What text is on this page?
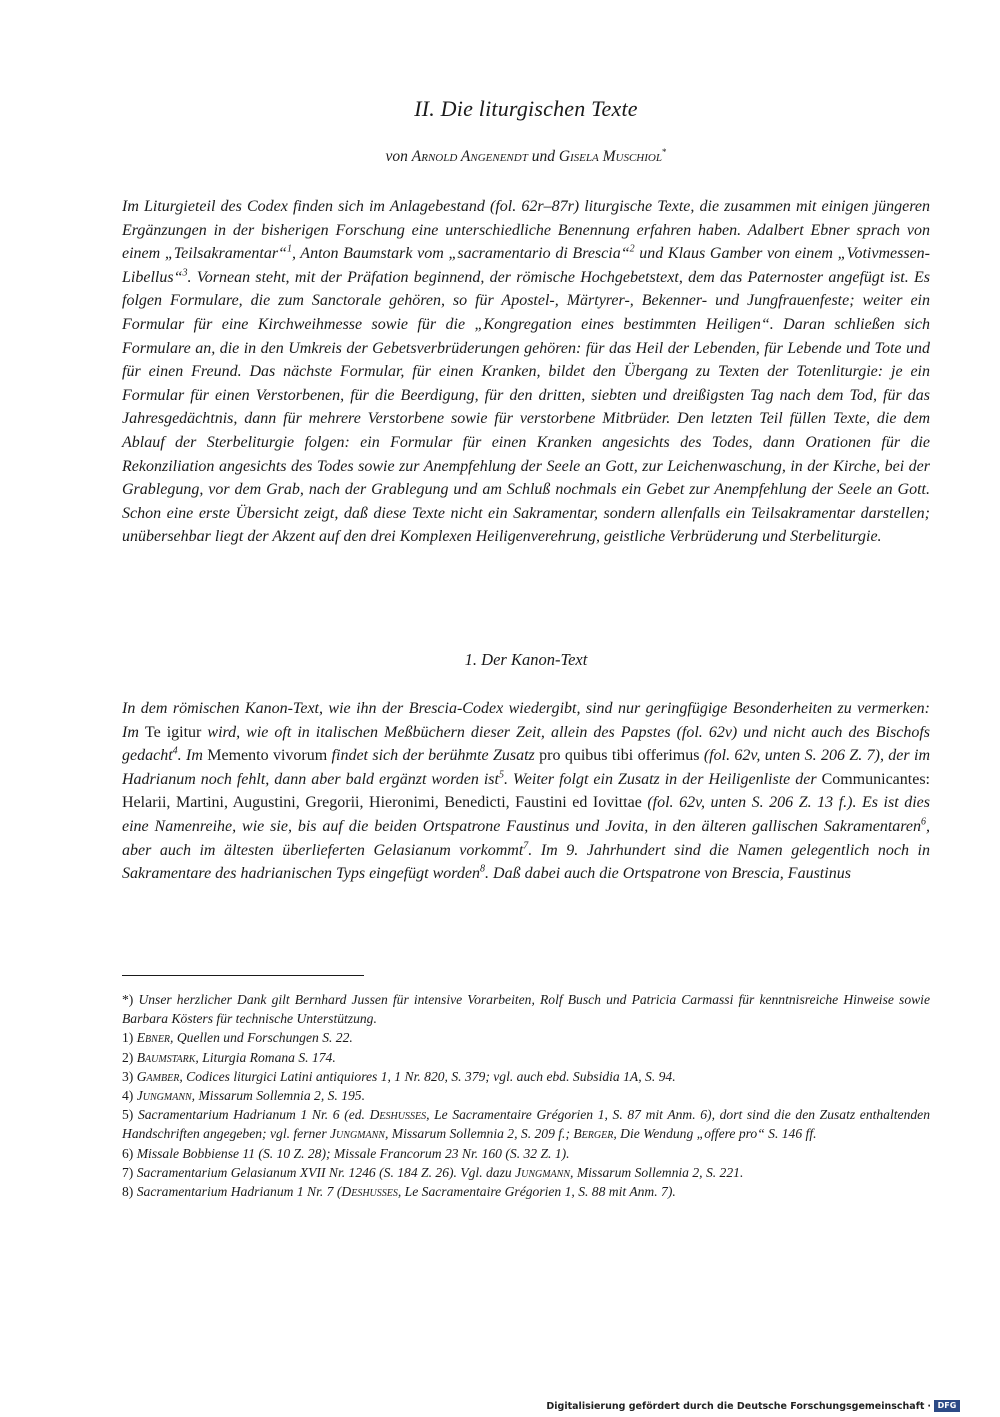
II. Die liturgischen Texte
von Arnold Angenendt und Gisela Muschiol*

Im Liturgieteil des Codex finden sich im Anlagebestand (fol. 62r–87r) liturgische Texte, die zusammen mit einigen jüngeren Ergänzungen in der bisherigen Forschung eine unterschiedliche Benennung erfahren haben. Adalbert Ebner sprach von einem „Teilsakramentar“$^1$, Anton Baumstark vom „sacramentario di Brescia“$^2$ und Klaus Gamber von einem „Votivmessen-Libellus“$^3$. Vornean steht, mit der Präfation beginnend, der römische Hochgebetstext, dem das Paternoster angefügt ist. Es folgen Formulare, die zum Sanctorale gehören, so für Apostel-, Märtyrer-, Bekenner- und Jungfrauenfeste; weiter ein Formular für eine Kirchweihmesse sowie für die „Kongregation eines bestimmten Heiligen“. Daran schließen sich Formulare an, die in den Umkreis der Gebetsverbrüderungen gehören: für das Heil der Lebenden, für Lebende und Tote und für einen Freund. Das nächste Formular, für einen Kranken, bildet den Übergang zu Texten der Totenliturgie: je ein Formular für einen Verstorbenen, für die Beerdigung, für den dritten, siebten und dreißigsten Tag nach dem Tod, für das Jahresgedächtnis, dann für mehrere Verstorbene sowie für verstorbene Mitbrüder. Den letzten Teil füllen Texte, die dem Ablauf der Sterbeliturgie folgen: ein Formular für einen Kranken angesichts des Todes, dann Orationen für die Rekonziliation angesichts des Todes sowie zur Anempfehlung der Seele an Gott, zur Leichenwaschung, in der Kirche, bei der Grablegung, vor dem Grab, nach der Grablegung und am Schluß nochmals ein Gebet zur Anempfehlung der Seele an Gott. Schon eine erste Übersicht zeigt, daß diese Texte nicht ein Sakramentar, sondern allenfalls ein Teilsakramentar darstellen; unübersehbar liegt der Akzent auf den drei Komplexen Heiligenverehrung, geistliche Verbrüderung und Sterbeliturgie.

1. Der Kanon-Text

In dem römischen Kanon-Text, wie ihn der Brescia-Codex wiedergibt, sind nur geringfügige Besonderheiten zu vermerken: Im Te igitur wird, wie oft in italischen Meßbüchern dieser Zeit, allein des Papstes (fol. 62v) und nicht auch des Bischofs gedacht$^4$. Im Memento vivorum findet sich der berühmte Zusatz pro quibus tibi offerimus (fol. 62v, unten S. 206 Z. 7), der im Hadrianum noch fehlt, dann aber bald ergänzt worden ist$^5$. Weiter folgt ein Zusatz in der Heiligenliste der Communicantes: Helarii, Martini, Augustini, Gregorii, Hieronimi, Benedicti, Faustini ed Iovittae (fol. 62v, unten S. 206 Z. 13 f.). Es ist dies eine Namenreihe, wie sie, bis auf die beiden Ortspatrone Faustinus und Jovita, in den älteren gallischen Sakramentaren$^6$, aber auch im ältesten überlieferten Gelasianum vorkommt$^7$. Im 9. Jahrhundert sind die Namen gelegentlich noch in Sakramentare des hadrianischen Typs eingefügt worden$^8$. Daß dabei auch die Ortspatrone von Brescia, Faustinus

*) Unser herzlicher Dank gilt Bernhard Jussen für intensive Vorarbeiten, Rolf Busch und Patricia Carmassi für kenntnisreiche Hinweise sowie Barbara Kösters für technische Unterstützung.

1) Ebner, Quellen und Forschungen S. 22.

2) Baumstark, Liturgia Romana S. 174.

3) Gamber, Codices liturgici Latini antiquiores 1, 1 Nr. 820, S. 379; vgl. auch ebd. Subsidia 1A, S. 94.

4) Jungmann, Missarum Sollemnia 2, S. 195.

5) Sacramentarium Hadrianum 1 Nr. 6 (ed. Deshusses, Le Sacramentaire Grégorien 1, S. 87 mit Anm. 6), dort sind die den Zusatz enthaltenden Handschriften angegeben; vgl. ferner Jungmann, Missarum Sollemnia 2, S. 209 f.; Berger, Die Wendung „offere pro“ S. 146 ff.

6) Missale Bobbiense 11 (S. 10 Z. 28); Missale Francorum 23 Nr. 160 (S. 32 Z. 1).

7) Sacramentarium Gelasianum XVII Nr. 1246 (S. 184 Z. 26). Vgl. dazu Jungmann, Missarum Sollemnia 2, S. 221.

8) Sacramentarium Hadrianum 1 Nr. 7 (Deshusses, Le Sacramentaire Grégorien 1, S. 88 mit Anm. 7).

Digitalisierung gefördert durch die Deutsche Forschungsgemeinschaft · DFG
